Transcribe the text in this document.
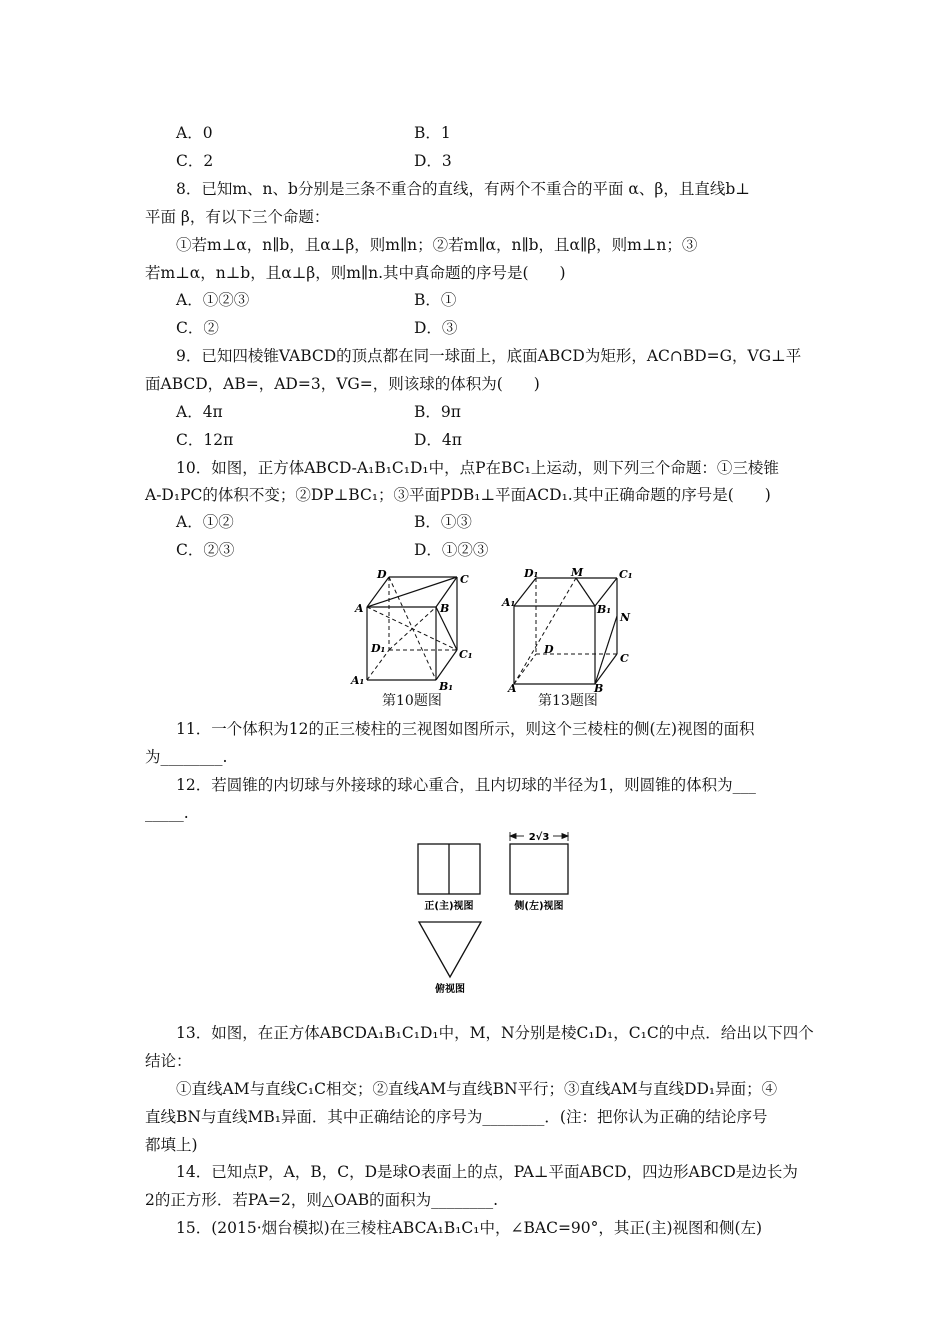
A．0	B．1
C．2	D．3
8．已知m、n、b分别是三条不重合的直线，有两个不重合的平面 α、β，且直线b⊥
平面 β，有以下三个命题：
①若m⊥α，n∥b，且α⊥β，则m∥n；②若m∥α，n∥b，且α∥β，则m⊥n；③
若m⊥α，n⊥b，且α⊥β，则m∥n.其中真命题的序号是(　　)
A．①②③	B．①
C．②	D．③
9．已知四棱锥VABCD的顶点都在同一球面上，底面ABCD为矩形，AC∩BD=G，VG⊥平
面ABCD，AB=，AD=3，VG=，则该球的体积为(　　)
A．4π	B．9π
C．12π	D．4π
10．如图，正方体ABCD-A₁B₁C₁D₁中，点P在BC₁上运动，则下列三个命题：①三棱锥
A-D₁PC的体积不变；②DP⊥BC₁；③平面PDB₁⊥平面ACD₁.其中正确命题的序号是(　　)
A．①②	B．①③
C．②③	D．①②③
D	C
A	B
D₁	C₁
A₁	B₁
第10题图
D₁	M	C₁
A₁
B₁
N
D
C
A	B
第13题图
11．一个体积为12的正三棱柱的三视图如图所示，则这个三棱柱的侧(左)视图的面积
为________.
12．若圆锥的内切球与外接球的球心重合，且内切球的半径为1，则圆锥的体积为___
_____.
2√3
正(主)视图	侧(左)视图
俯视图
13．如图，在正方体ABCDA₁B₁C₁D₁中，M，N分别是棱C₁D₁，C₁C的中点．给出以下四个
结论：
①直线AM与直线C₁C相交；②直线AM与直线BN平行；③直线AM与直线DD₁异面；④
直线BN与直线MB₁异面．其中正确结论的序号为________．(注：把你认为正确的结论序号
都填上)
14．已知点P，A，B，C，D是球O表面上的点，PA⊥平面ABCD，四边形ABCD是边长为
2的正方形．若PA=2，则△OAB的面积为________.
15．(2015·烟台模拟)在三棱柱ABCA₁B₁C₁中，∠BAC=90°，其正(主)视图和侧(左)
